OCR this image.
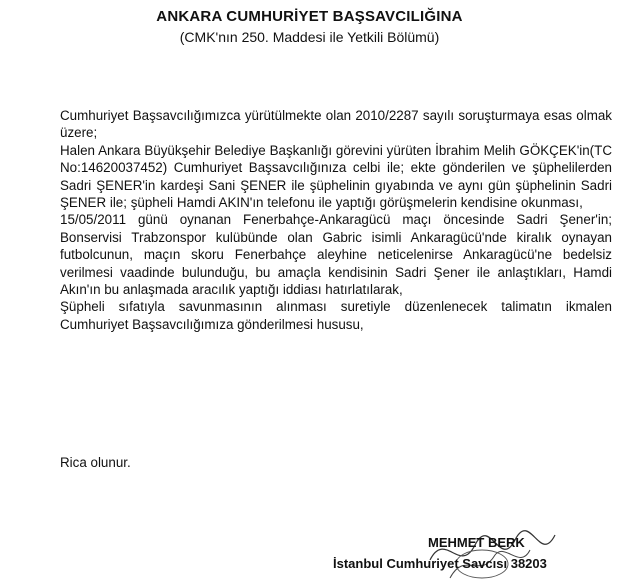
ANKARA CUMHURİYET BAŞSAVCILIĞINA
(CMK'nın 250. Maddesi ile Yetkili Bölümü)

Cumhuriyet Başsavcılığımızca yürütülmekte olan 2010/2287 sayılı soruşturmaya esas olmak üzere;

Halen Ankara Büyükşehir Belediye Başkanlığı görevini yürüten İbrahim Melih GÖKÇEK'in(TC No:14620037452) Cumhuriyet Başsavcılığınıza celbi ile; ekte gönderilen ve şüphelilerden Sadri ŞENER'in kardeşi Sani ŞENER ile şüphelinin gıyabında ve aynı gün şüphelinin Sadri ŞENER ile; şüpheli Hamdi AKIN'ın telefonu ile yaptığı görüşmelerin kendisine okunması,

15/05/2011 günü oynanan Fenerbahçe-Ankaragücü maçı öncesinde Sadri Şener'in; Bonservisi Trabzonspor kulübünde olan Gabric isimli Ankaragücü'nde kiralık oynayan futbolcunun, maçın skoru Fenerbahçe aleyhine neticelenirse Ankaragücü'ne bedelsiz verilmesi vaadinde bulunduğu, bu amaçla kendisinin Sadri Şener ile anlaştıkları, Hamdi Akın'ın bu anlaşmada aracılık yaptığı iddiası hatırlatılarak,

Şüpheli sıfatıyla savunmasının alınması suretiyle düzenlenecek talimatın ikmalen Cumhuriyet Başsavcılığımıza gönderilmesi hususu,

Rica olunur.
MEHMET BERK
İstanbul Cumhuriyet Savcısı 38203
